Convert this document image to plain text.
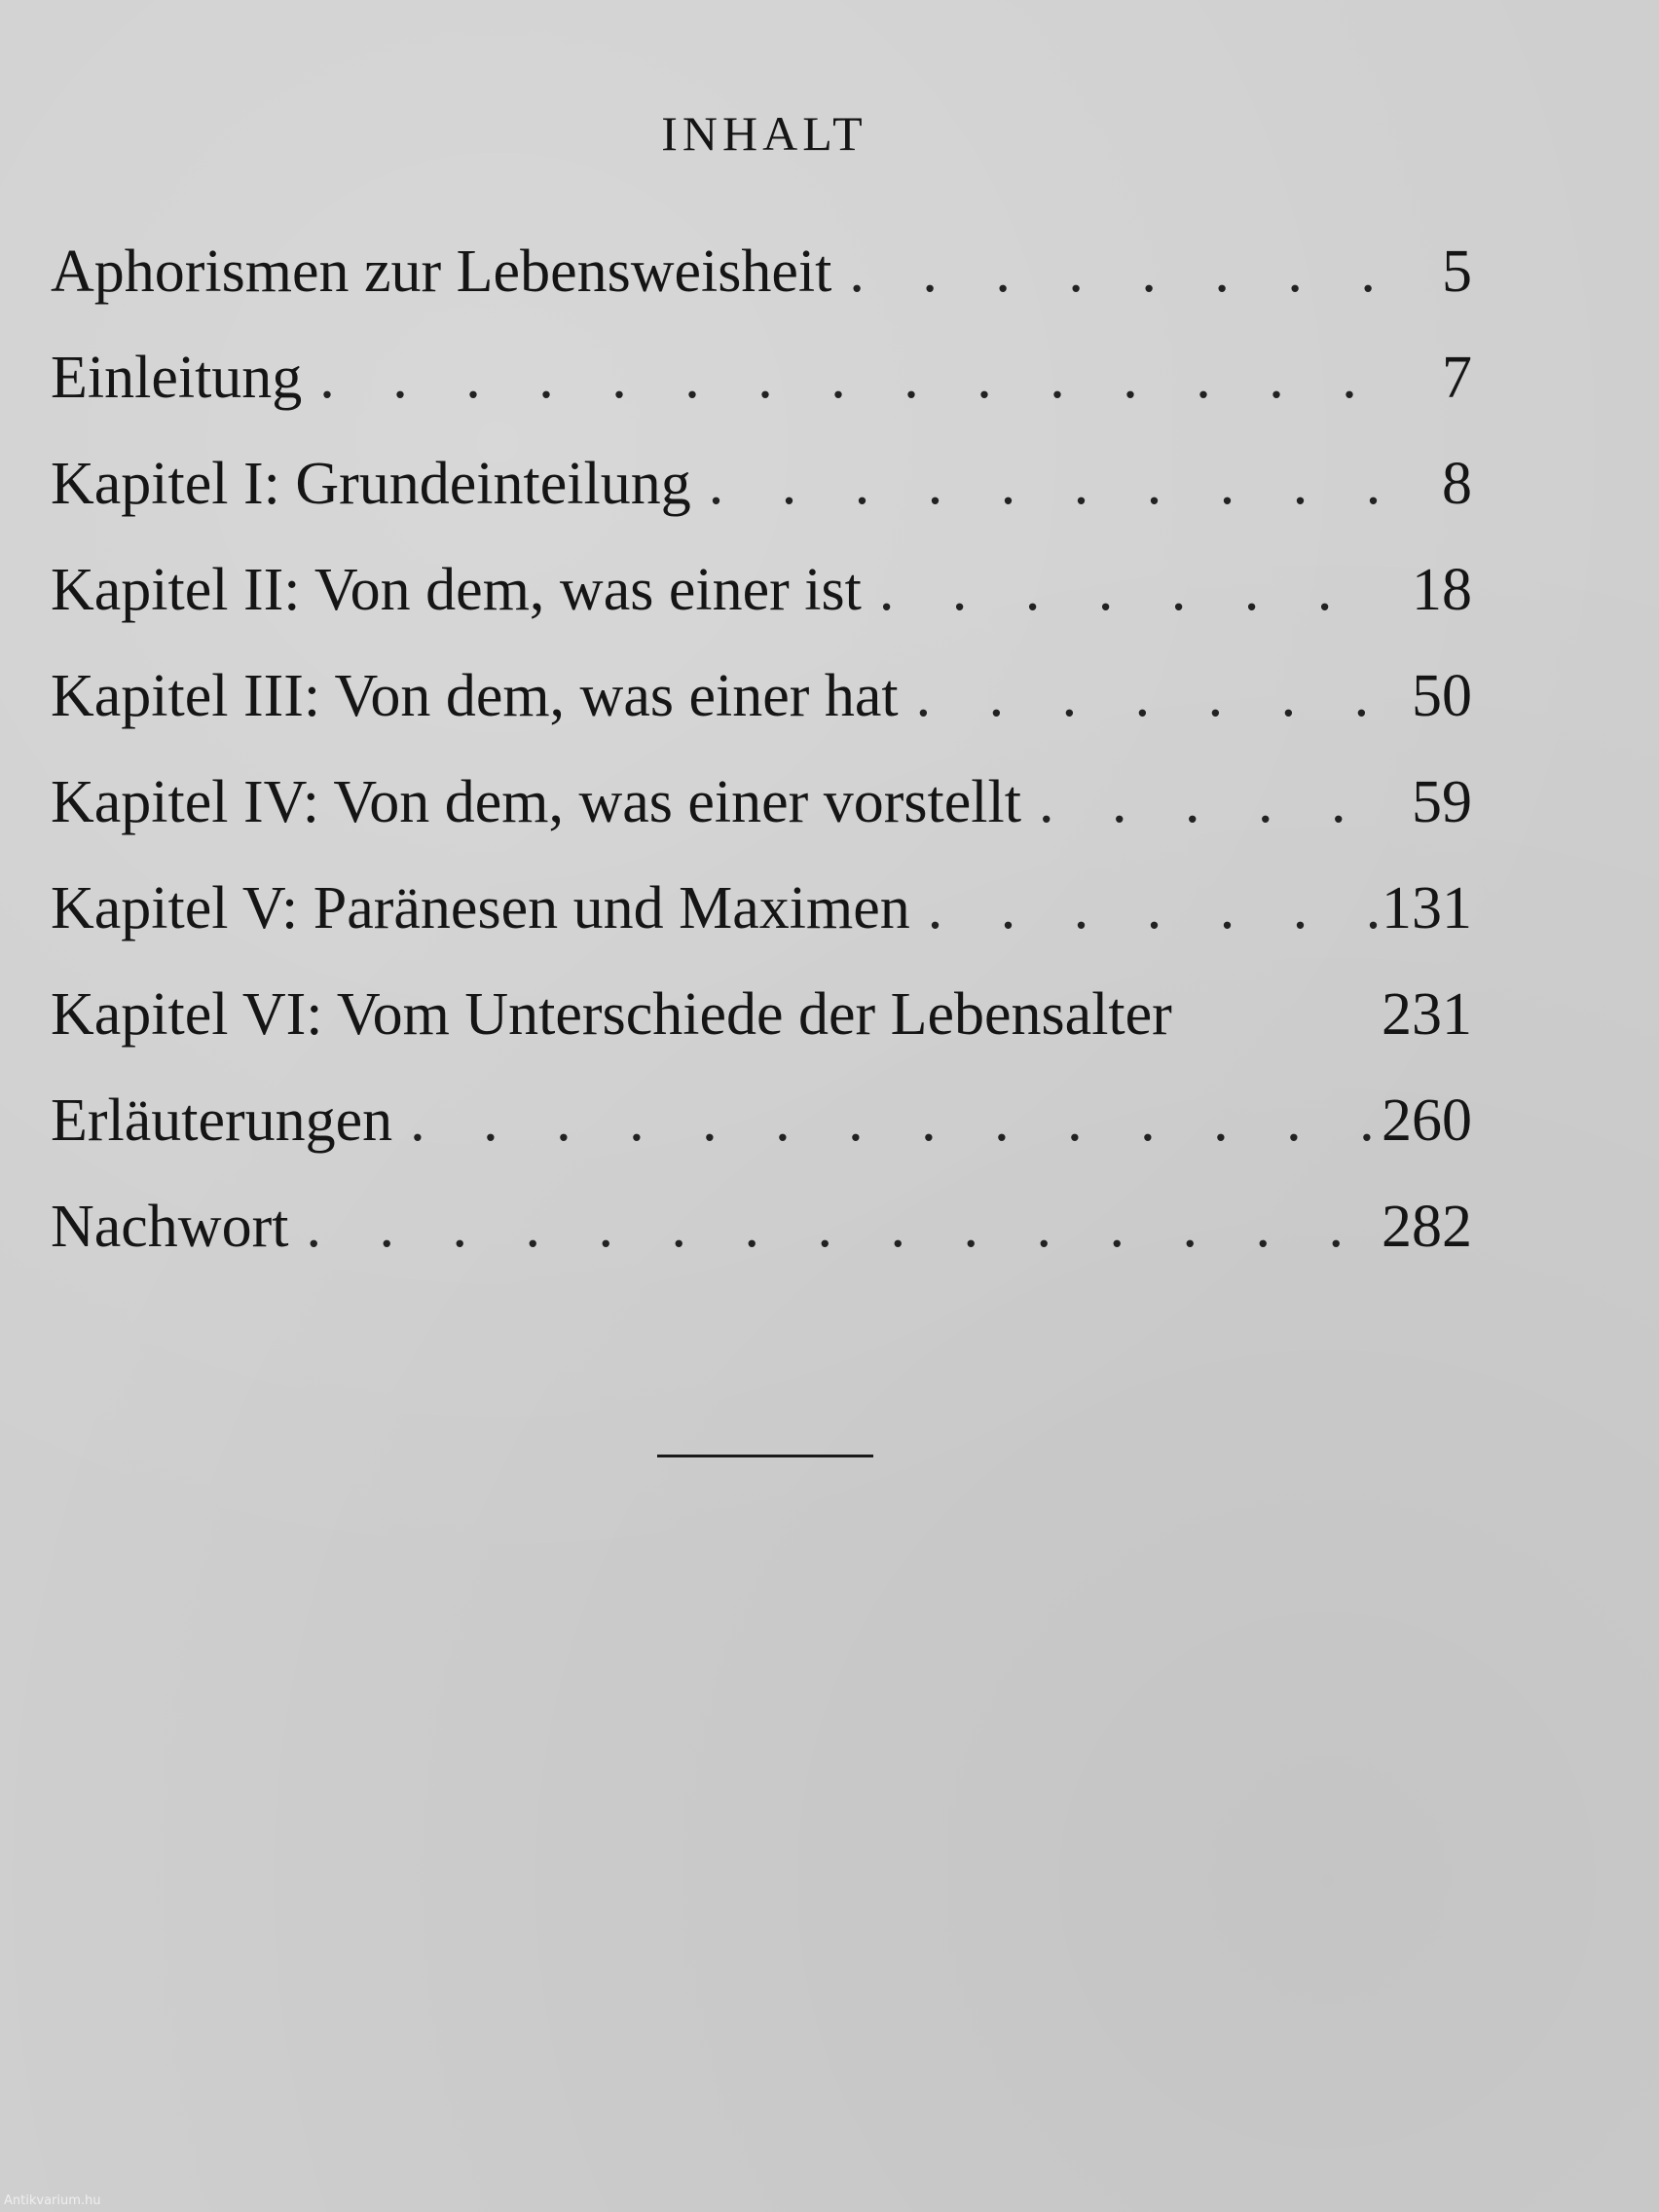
INHALT
Aphorismen zur Lebensweisheit . . .	5
Einleitung . . .	7
Kapitel I: Grundeinteilung . . .	8
Kapitel II: Von dem, was einer ist . . .	18
Kapitel III: Von dem, was einer hat . . .	50
Kapitel IV: Von dem, was einer vorstellt . . .	59
Kapitel V: Paränesen und Maximen . . .	131
Kapitel VI: Vom Unterschiede der Lebensalter	231
Erläuterungen . . .	260
Nachwort . . .	282
Antikvarium.hu
